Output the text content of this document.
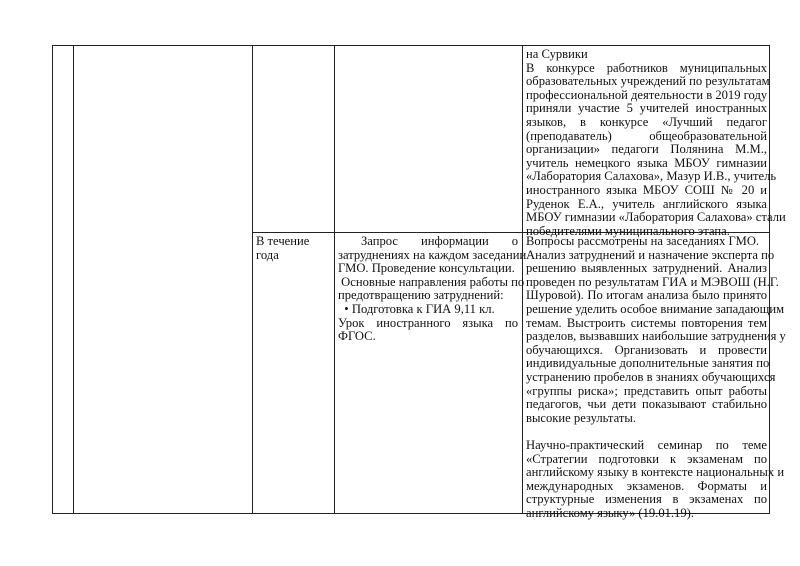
на Сурвики
В конкурсе работников муниципальных
образовательных учреждений по результатам
профессиональной деятельности в 2019 году
приняли участие 5 учителей иностранных
языков, в конкурсе «Лучший педагог
(преподаватель) общеобразовательной
организации» педагоги Полянина М.М.,
учитель немецкого языка МБОУ гимназии
«Лаборатория Салахова», Мазур И.В., учитель
иностранного языка МБОУ СОШ № 20 и
Руденок Е.А., учитель английского языка
МБОУ гимназии «Лаборатория Салахова» стали
победителями муниципального этапа.
В течение
года
Запрос информации о
затруднениях на каждом заседании
ГМО. Проведение консультации.
Основные направления работы по
предотвращению затруднений:
• Подготовка к ГИА 9,11 кл.
Урок иностранного языка по
ФГОС.
Вопросы рассмотрены на заседаниях ГМО.
Анализ затруднений и назначение эксперта по
решению выявленных затруднений. Анализ
проведен по результатам ГИА и МЭВОШ (Н.Г.
Шуровой). По итогам анализа было принято
решение уделить особое внимание западающим
темам. Выстроить системы повторения тем
разделов, вызвавших наибольшие затруднения у
обучающихся. Организовать и провести
индивидуальные дополнительные занятия по
устранению пробелов в знаниях обучающихся
«группы риска»; представить опыт работы
педагогов, чьи дети показывают стабильно
высокие результаты.
Научно-практический семинар по теме
«Стратегии подготовки к экзаменам по
английскому языку в контексте национальных и
международных экзаменов. Форматы и
структурные изменения в экзаменах по
английскому языку» (19.01.19).
